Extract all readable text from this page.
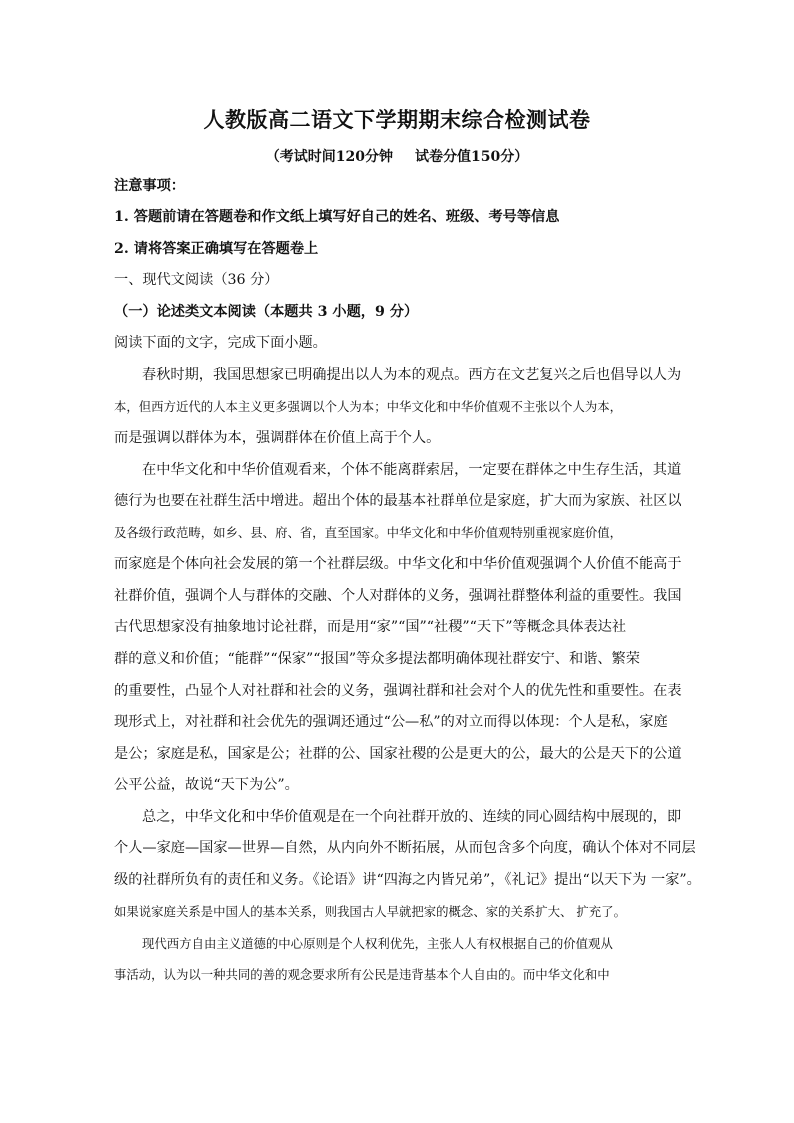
人教版高二语文下学期期末综合检测试卷
（考试时间120分钟 试卷分值150分）
注意事项：
1. 答题前请在答题卷和作文纸上填写好自己的姓名、班级、考号等信息
2. 请将答案正确填写在答题卷上
一、现代文阅读（36 分）
（一）论述类文本阅读（本题共 3 小题，9 分）
阅读下面的文字，完成下面小题。
春秋时期，我国思想家已明确提出以人为本的观点。西方在文艺复兴之后也倡导以人为
本，但西方近代的人本主义更多强调以个人为本；中华文化和中华价值观不主张以个人为本，
而是强调以群体为本，强调群体在价值上高于个人。
在中华文化和中华价值观看来，个体不能离群索居，一定要在群体之中生存生活，其道
德行为也要在社群生活中增进。超出个体的最基本社群单位是家庭，扩大而为家族、社区以
及各级行政范畴，如乡、县、府、省，直至国家。中华文化和中华价值观特别重视家庭价值，
而家庭是个体向社会发展的第一个社群层级。中华文化和中华价值观强调个人价值不能高于
社群价值，强调个人与群体的交融、个人对群体的义务，强调社群整体利益的重要性。我国
古代思想家没有抽象地讨论社群，而是用“家”“国”“社稷”“天下”等概念具体表达社
群的意义和价值；“能群”“保家”“报国”等众多提法都明确体现社群安宁、和谐、繁荣
的重要性，凸显个人对社群和社会的义务，强调社群和社会对个人的优先性和重要性。在表
现形式上，对社群和社会优先的强调还通过“公—私”的对立而得以体现：个人是私，家庭
是公；家庭是私，国家是公；社群的公、国家社稷的公是更大的公，最大的公是天下的公道
公平公益，故说“天下为公”。
总之，中华文化和中华价值观是在一个向社群开放的、连续的同心圆结构中展现的，即
个人—家庭—国家—世界—自然，从内向外不断拓展，从而包含多个向度，确认个体对不同层
级的社群所负有的责任和义务。《论语》讲“四海之内皆兄弟”，《礼记》提出“以天下为 一家”。
如果说家庭关系是中国人的基本关系，则我国古人早就把家的概念、家的关系扩大、 扩充了。
现代西方自由主义道德的中心原则是个人权利优先，主张人人有权根据自己的价值观从
事活动，认为以一种共同的善的观念要求所有公民是违背基本个人自由的。而中华文化和中
